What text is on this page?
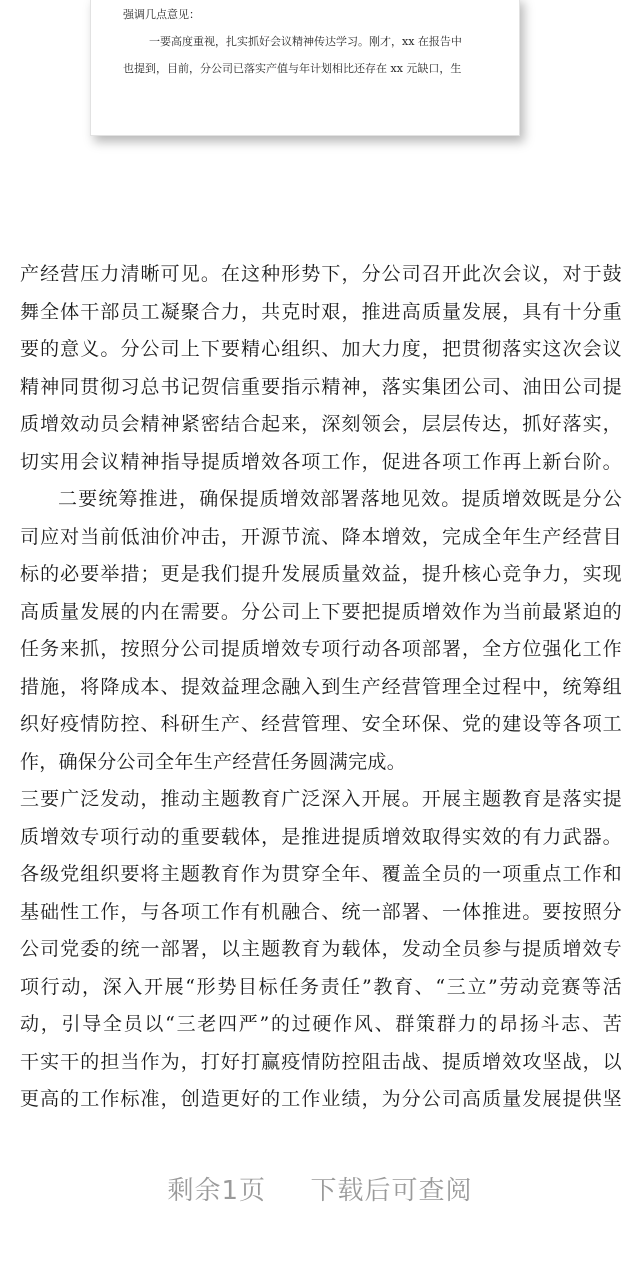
强调几点意见：
一要高度重视，扎实抓好会议精神传达学习。刚才，xx 在报告中
也提到，目前，分公司已落实产值与年计划相比还存在 xx 元缺口，生
产经营压力清晰可见。在这种形势下，分公司召开此次会议，对于鼓
舞全体干部员工凝聚合力，共克时艰，推进高质量发展，具有十分重
要的意义。分公司上下要精心组织、加大力度，把贯彻落实这次会议
精神同贯彻习总书记贺信重要指示精神，落实集团公司、油田公司提
质增效动员会精神紧密结合起来，深刻领会，层层传达，抓好落实，
切实用会议精神指导提质增效各项工作，促进各项工作再上新台阶。
二要统筹推进，确保提质增效部署落地见效。提质增效既是分公
司应对当前低油价冲击，开源节流、降本增效，完成全年生产经营目
标的必要举措；更是我们提升发展质量效益，提升核心竞争力，实现
高质量发展的内在需要。分公司上下要把提质增效作为当前最紧迫的
任务来抓，按照分公司提质增效专项行动各项部署，全方位强化工作
措施，将降成本、提效益理念融入到生产经营管理全过程中，统筹组
织好疫情防控、科研生产、经营管理、安全环保、党的建设等各项工
作，确保分公司全年生产经营任务圆满完成。
三要广泛发动，推动主题教育广泛深入开展。开展主题教育是落实提
质增效专项行动的重要载体，是推进提质增效取得实效的有力武器。
各级党组织要将主题教育作为贯穿全年、覆盖全员的一项重点工作和
基础性工作，与各项工作有机融合、统一部署、一体推进。要按照分
公司党委的统一部署，以主题教育为载体，发动全员参与提质增效专
项行动，深入开展“形势目标任务责任”教育、“三立”劳动竞赛等活
动，引导全员以“三老四严”的过硬作风、群策群力的昂扬斗志、苦
干实干的担当作为，打好打赢疫情防控阻击战、提质增效攻坚战，以
更高的工作标准，创造更好的工作业绩，为分公司高质量发展提供坚
剩余1页 下载后可查阅
